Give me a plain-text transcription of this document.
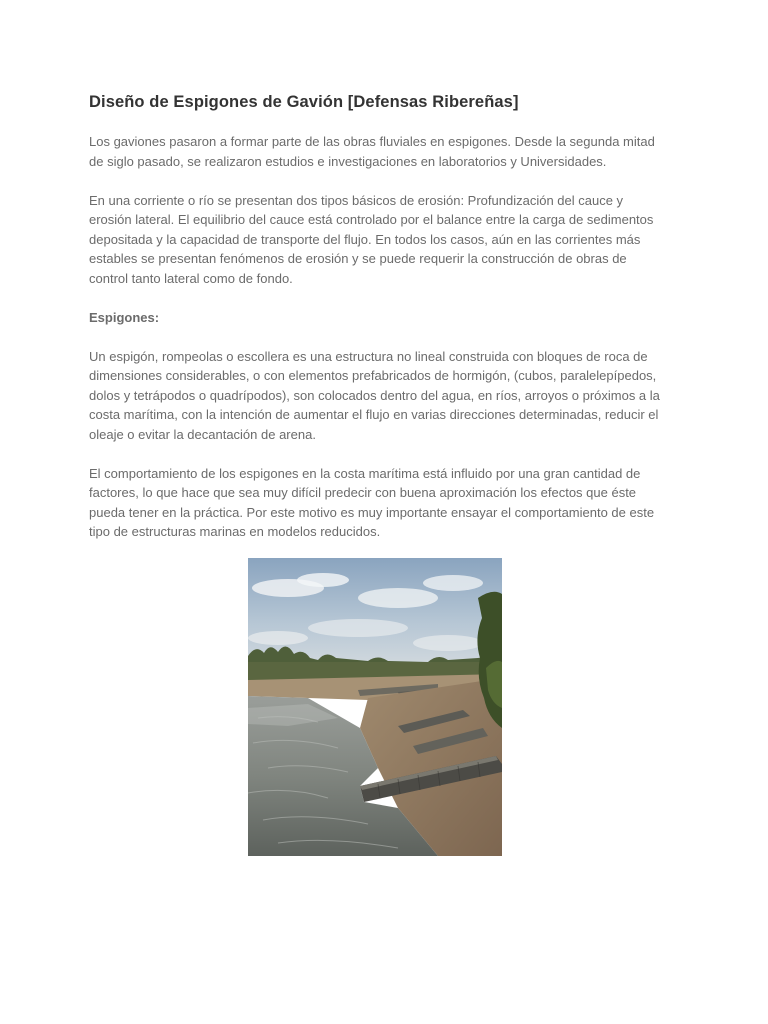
Diseño de Espigones de Gavión [Defensas Ribereñas]

Los gaviones pasaron a formar parte de las obras fluviales en espigones. Desde la segunda mitad de siglo pasado, se realizaron estudios e investigaciones en laboratorios y Universidades.

En una corriente o río se presentan dos tipos básicos de erosión: Profundización del cauce y erosión lateral. El equilibrio del cauce está controlado por el balance entre la carga de sedimentos depositada y la capacidad de transporte del flujo. En todos los casos, aún en las corrientes más estables se presentan fenómenos de erosión y se puede requerir la construcción de obras de control tanto lateral como de fondo.

Espigones:

Un espigón, rompeolas o escollera es una estructura no lineal construida con bloques de roca de dimensiones considerables, o con elementos prefabricados de hormigón, (cubos, paralelepípedos, dolos y tetrápodos o quadrípodos), son colocados dentro del agua, en ríos, arroyos o próximos a la costa marítima, con la intención de aumentar el flujo en varias direcciones determinadas, reducir el oleaje o evitar la decantación de arena.

El comportamiento de los espigones en la costa marítima está influido por una gran cantidad de factores, lo que hace que sea muy difícil predecir con buena aproximación los efectos que éste pueda tener en la práctica. Por este motivo es muy importante ensayar el comportamiento de este tipo de estructuras marinas en modelos reducidos.
